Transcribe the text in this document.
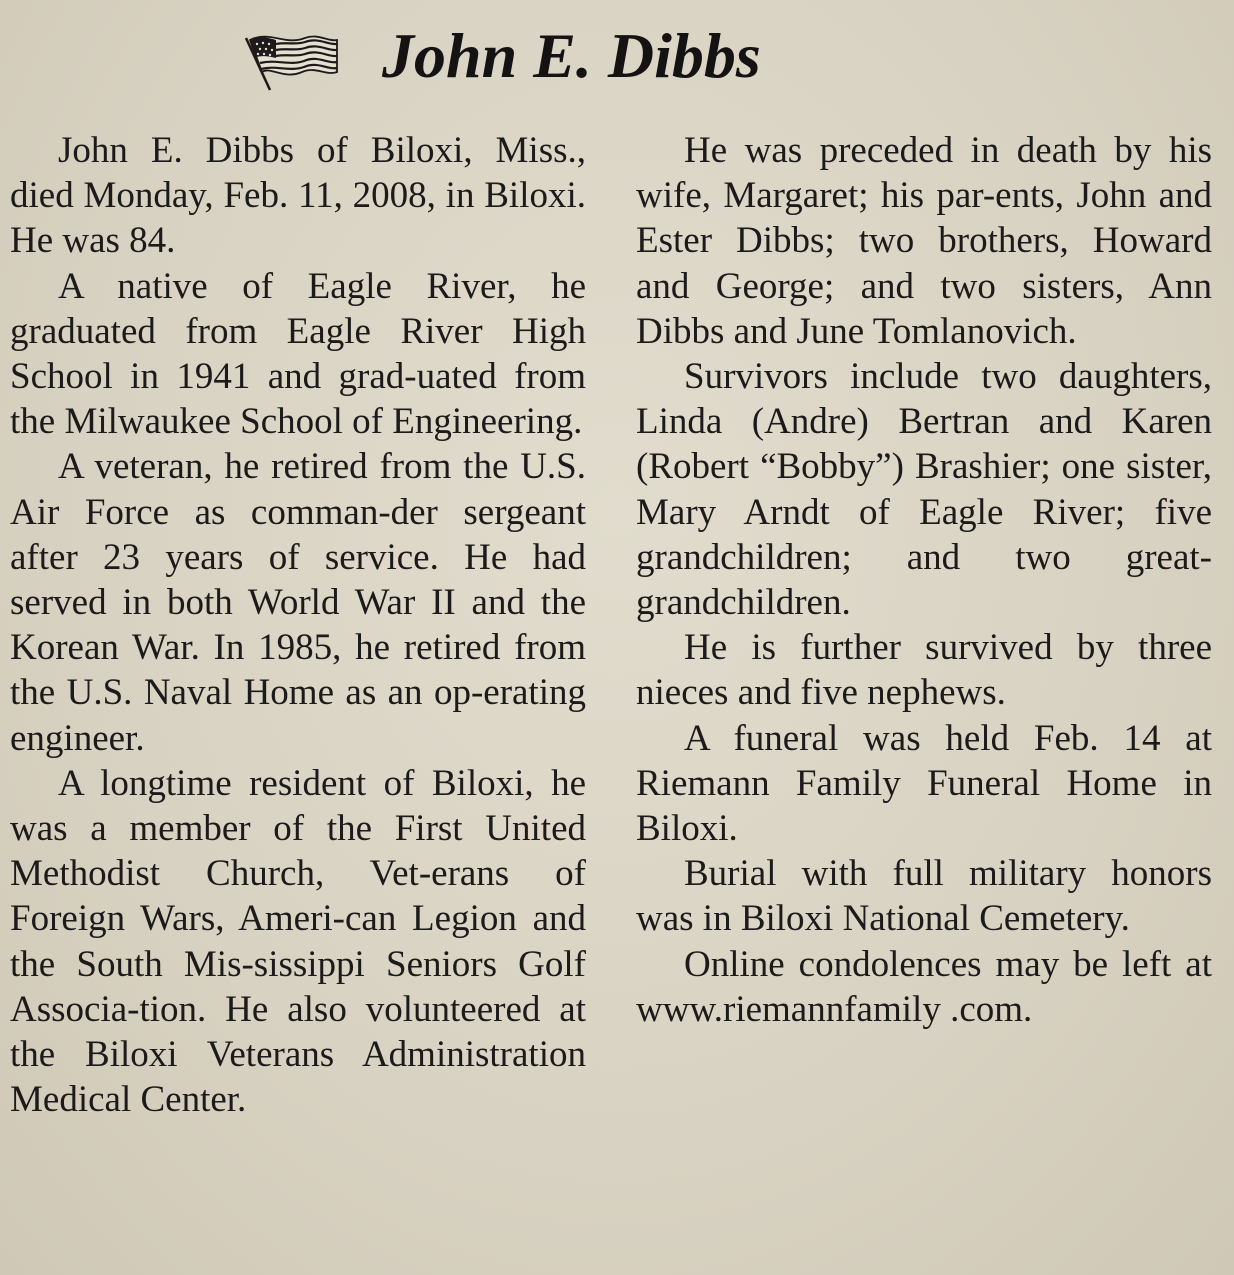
John E. Dibbs

John E. Dibbs of Biloxi, Miss., died Monday, Feb. 11, 2008, in Biloxi. He was 84.

A native of Eagle River, he graduated from Eagle River High School in 1941 and grad-uated from the Milwaukee School of Engineering.

A veteran, he retired from the U.S. Air Force as comman-der sergeant after 23 years of service. He had served in both World War II and the Korean War. In 1985, he retired from the U.S. Naval Home as an op-erating engineer.

A longtime resident of Biloxi, he was a member of the First United Methodist Church, Vet-erans of Foreign Wars, Ameri-can Legion and the South Mis-sissippi Seniors Golf Associa-tion. He also volunteered at the Biloxi Veterans Administration Medical Center.

He was preceded in death by his wife, Margaret; his par-ents, John and Ester Dibbs; two brothers, Howard and George; and two sisters, Ann Dibbs and June Tomlanovich.

Survivors include two daughters, Linda (Andre) Bertran and Karen (Robert “Bobby”) Brashier; one sister, Mary Arndt of Eagle River; five grandchildren; and two great-grandchildren.

He is further survived by three nieces and five nephews.

A funeral was held Feb. 14 at Riemann Family Funeral Home in Biloxi.

Burial with full military honors was in Biloxi National Cemetery.

Online condolences may be left at www.riemannfamily .com.
